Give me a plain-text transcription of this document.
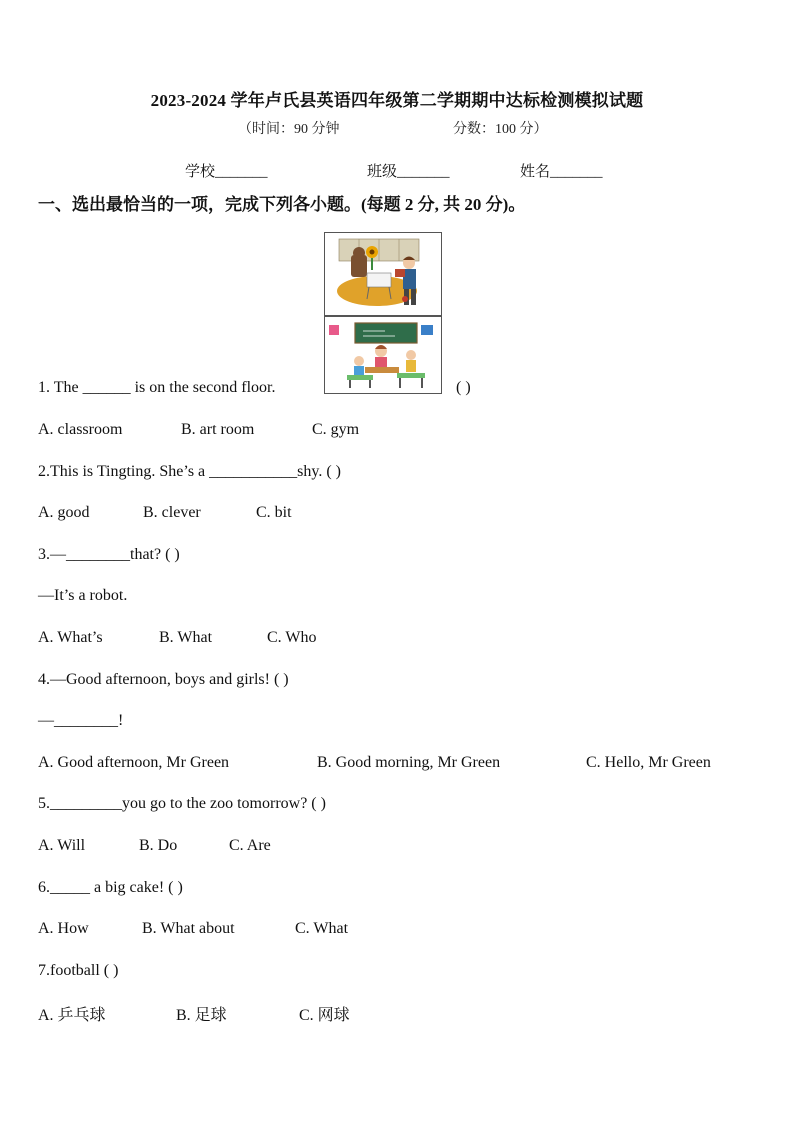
2023-2024 学年卢氏县英语四年级第二学期期中达标检测模拟试题
（时间：90 分钟	分数：100 分）
学校_______	班级_______	姓名_______
一、选出最恰当的一项，完成下列各小题。(每题 2 分, 共 20 分)。
1. The ______ is on the second floor.	( )
A. classroom	B. art room	C. gym
2.This is Tingting. She’s a ___________shy. ( )
A. good	B. clever	C. bit
3.—________that? ( )
—It’s a robot.
A. What’s	B. What	C. Who
4.—Good afternoon, boys and girls! ( )
—________!
A. Good afternoon, Mr Green	B. Good morning, Mr Green	C. Hello, Mr Green
5._________you go to the zoo tomorrow? ( )
A. Will	B. Do	C. Are
6._____ a big cake! ( )
A. How	B. What about	C. What
7.football ( )
A. 乒乓球	B. 足球	C. 网球
